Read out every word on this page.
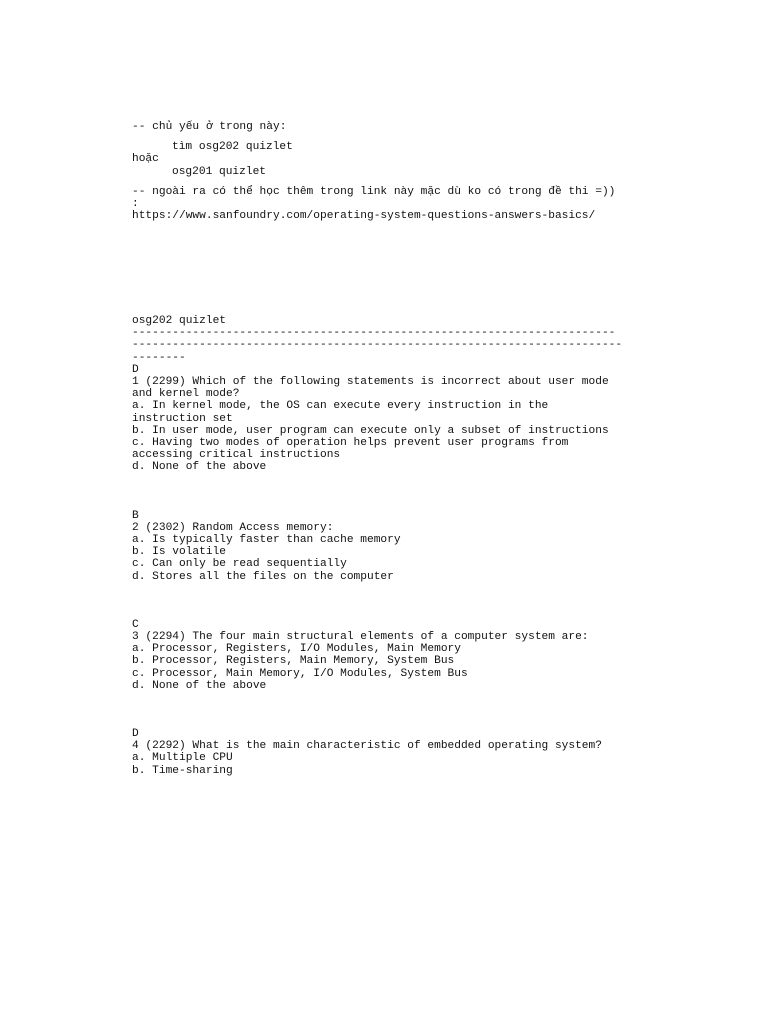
-- chủ yếu ở trong này:
tìm osg202 quizlet
hoặc
osg201 quizlet
-- ngoài ra có thể học thêm trong link này mặc dù ko có trong đề thi =))
:
https://www.sanfoundry.com/operating-system-questions-answers-basics/
osg202 quizlet
------------------------------------------------------------------------
-------------------------------------------------------------------------
--------
D
1 (2299) Which of the following statements is incorrect about user mode
and kernel mode?
a. In kernel mode, the OS can execute every instruction in the
instruction set
b. In user mode, user program can execute only a subset of instructions
c. Having two modes of operation helps prevent user programs from
accessing critical instructions
d. None of the above
B
2 (2302) Random Access memory:
a. Is typically faster than cache memory
b. Is volatile
c. Can only be read sequentially
d. Stores all the files on the computer
C
3 (2294) The four main structural elements of a computer system are:
a. Processor, Registers, I/O Modules, Main Memory
b. Processor, Registers, Main Memory, System Bus
c. Processor, Main Memory, I/O Modules, System Bus
d. None of the above
D
4 (2292) What is the main characteristic of embedded operating system?
a. Multiple CPU
b. Time-sharing
